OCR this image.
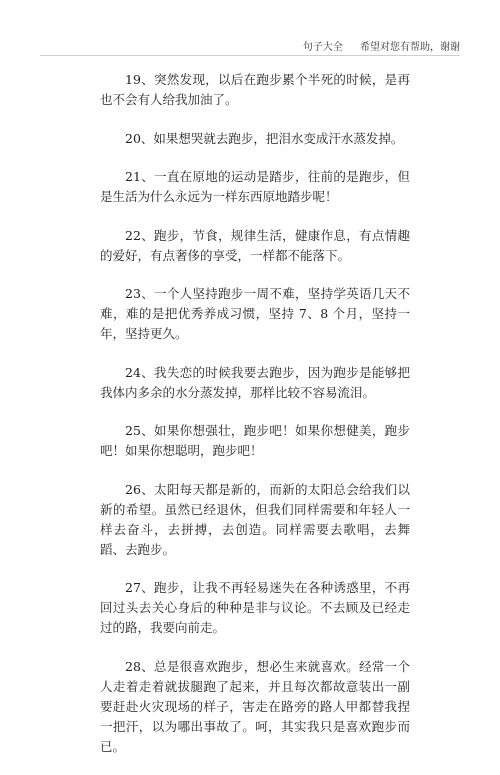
句子大全 希望对您有帮助，谢谢

19、突然发现，以后在跑步累个半死的时候，是再也不会有人给我加油了。

20、如果想哭就去跑步，把泪水变成汗水蒸发掉。

21、一直在原地的运动是踏步，往前的是跑步，但是生活为什么永远为一样东西原地踏步呢！

22、跑步，节食，规律生活，健康作息，有点情趣的爱好，有点奢侈的享受，一样都不能落下。

23、一个人坚持跑步一周不难，坚持学英语几天不难，难的是把优秀养成习惯，坚持 7、8 个月，坚持一年，坚持更久。

24、我失恋的时候我要去跑步，因为跑步是能够把我体内多余的水分蒸发掉，那样比较不容易流泪。

25、如果你想强壮，跑步吧！如果你想健美，跑步吧！如果你想聪明，跑步吧！

26、太阳每天都是新的，而新的太阳总会给我们以新的希望。虽然已经退休，但我们同样需要和年轻人一样去奋斗，去拼搏，去创造。同样需要去歌唱，去舞蹈、去跑步。

27、跑步，让我不再轻易迷失在各种诱惑里，不再回过头去关心身后的种种是非与议论。不去顾及已经走过的路，我要向前走。

28、总是很喜欢跑步，想必生来就喜欢。经常一个人走着走着就拔腿跑了起来，并且每次都故意装出一副要赶赴火灾现场的样子，害走在路旁的路人甲都替我捏一把汗，以为哪出事故了。呵，其实我只是喜欢跑步而已。
